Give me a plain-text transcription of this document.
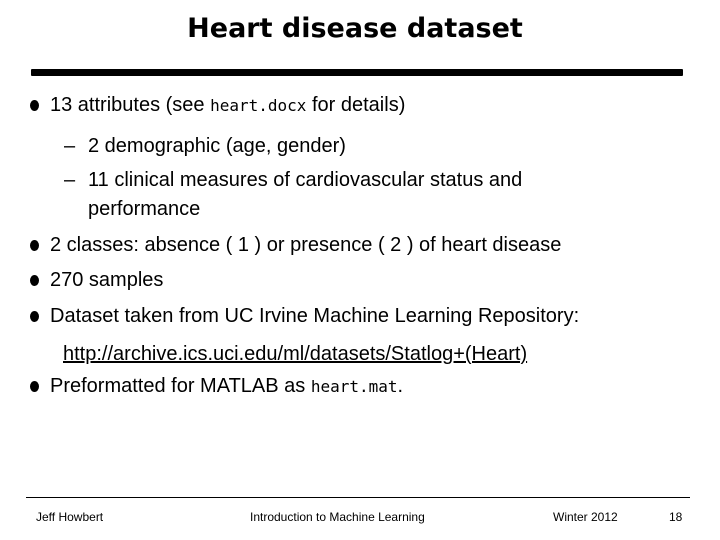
Heart disease dataset
13 attributes (see heart.docx for details)
– 2 demographic (age, gender)
– 11 clinical measures of cardiovascular status and
performance
2 classes: absence ( 1 ) or presence ( 2 ) of heart disease
270 samples
Dataset taken from UC Irvine Machine Learning Repository:
http://archive.ics.uci.edu/ml/datasets/Statlog+(Heart)
Preformatted for MATLAB as heart.mat.
Jeff Howbert	Introduction to Machine Learning	Winter 2012	18
